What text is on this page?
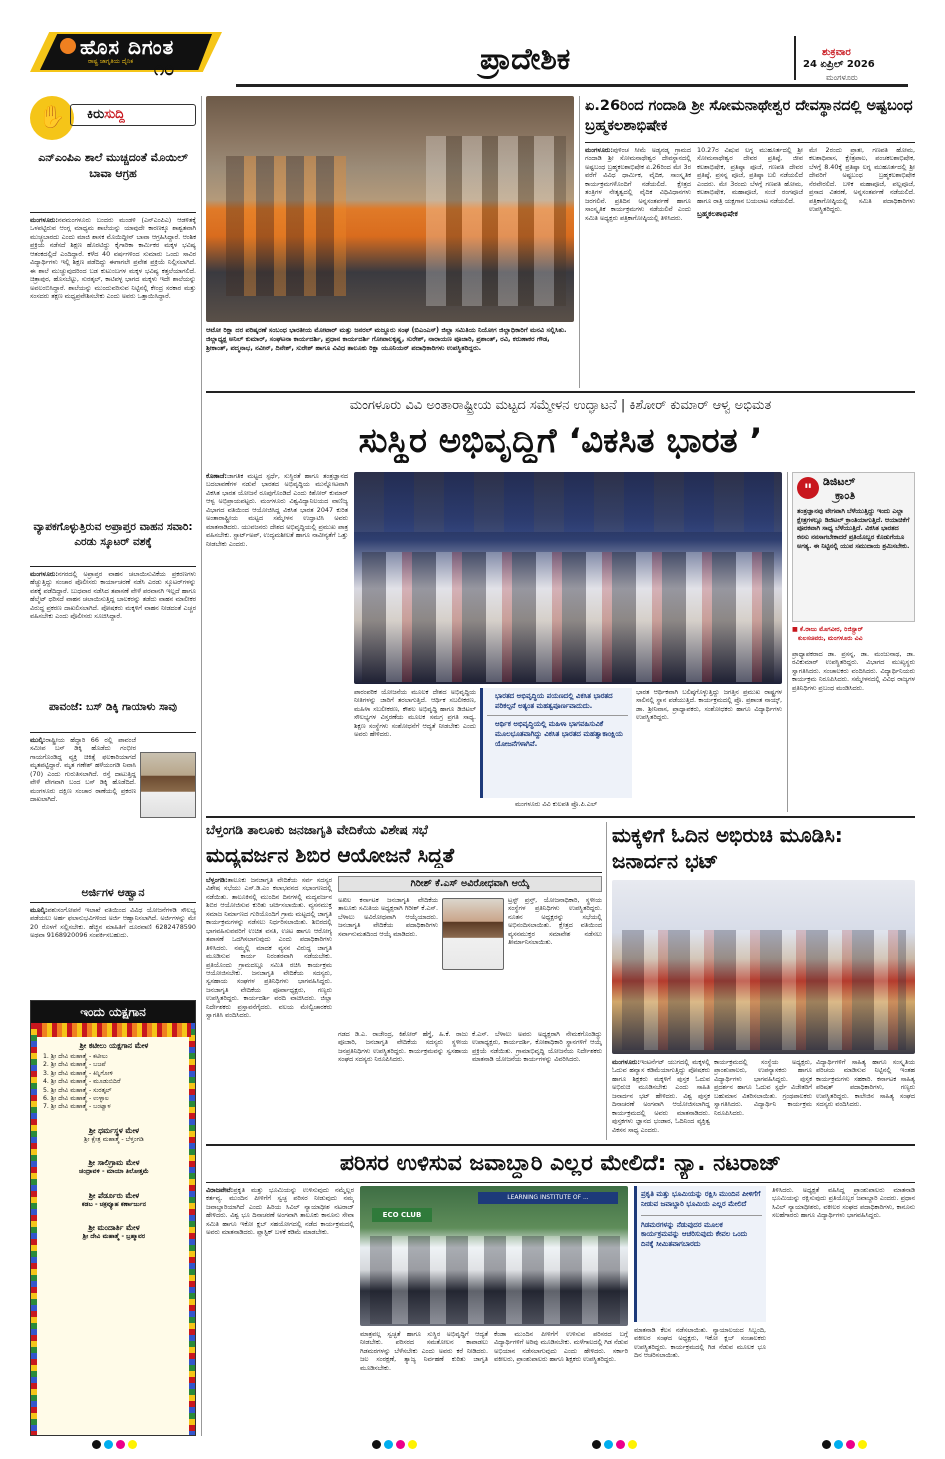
ಹೊಸ ದಿಗಂತ
ರಾಷ್ಟ್ರ ಜಾಗೃತಿಯ ದೈನಿಕ ೧೦	ಪ್ರಾದೇಶಿಕ	ಶುಕ್ರವಾರ
24 ಏಪ್ರಿಲ್ 2026
ಮಂಗಳೂರು
✋	ಕಿರುಸುದ್ದಿ
ಎನ್‌ಎಂಪಿಎ ಶಾಲೆ ಮುಚ್ಚದಂತೆ ಮೊಯಿಲ್ ಬಾವಾ ಆಗ್ರಹ
ಮಂಗಳೂರು:ನವಮಂಗಳೂರು ಬಂದರು ಮಂಡಳಿ (ಎನ್‌ಎಂಪಿಎ) ಆಡಳಿತಕ್ಕೆ ಒಳಪಟ್ಟಿರುವ ಆಂಗ್ಲ ಮಾಧ್ಯಮ ಶಾಲೆಯನ್ನು ಯಾವುದೇ ಕಾರಣಕ್ಕೂ ಶಾಶ್ವತವಾಗಿ ಮುಚ್ಚಬಾರದು ಎಂದು ಮಾಜಿ ಶಾಸಕ ಮೊಯಿದ್ದೀನ್ ಬಾವಾ ಆಗ್ರಹಿಸಿದ್ದಾರೆ. ಆಂಶಿಕ ಪ್ರಕ್ರಿಯೆ ನಡೆಸದೆ ಶಿಕ್ಷಣ ಹೊರಟಿದ್ದು ಕೈಗಾರಿಕಾ ಕಾರ್ಮಿಕರ ಮಕ್ಕಳ ಭವಿಷ್ಯ ಆತಂಕದಲ್ಲಿದೆ ಎಂದಿದ್ದಾರೆ. ಕಳೆದ 40 ವರ್ಷಗಳಿಂದ ಸುಮಾರು ಒಂದು ಸಾವಿರ ವಿದ್ಯಾರ್ಥಿಗಳು ಇಲ್ಲಿ ಶಿಕ್ಷಣ ಪಡೆದಿದ್ದು ಈಗಾಗಲೇ ಪ್ರವೇಶ ಪ್ರಕ್ರಿಯೆ ನಿಲ್ಲಿಸಲಾಗಿದೆ. ಈ ಶಾಲೆ ಮುಚ್ಚುವುದರಿಂದ ಬಡ ಕುಟುಂಬಗಳ ಮಕ್ಕಳ ಭವಿಷ್ಯ ಕತ್ತಲೆಯಾಗಲಿದೆ. ಚಿತ್ರಾಪುರ, ಹೊಸಬೆಟ್ಟು, ಸುರತ್ಕಲ್, ಕಾಟಿಪಳ್ಳ ಭಾಗದ ಮಕ್ಕಳು ಇದೇ ಶಾಲೆಯನ್ನು ಅವಲಂಬಿಸಿದ್ದಾರೆ. ಶಾಲೆಯನ್ನು ಮುಂದುವರಿಸುವ ನಿಟ್ಟಿನಲ್ಲಿ ಕೇಂದ್ರ ಸರಕಾರ ಮತ್ತು ಸಂಸದರು ತಕ್ಷಣ ಮಧ್ಯಪ್ರವೇಶಿಸಬೇಕು ಎಂದು ಅವರು ಒತ್ತಾಯಿಸಿದ್ದಾರೆ.
ವ್ಯಾಪಕಗೊಳ್ಳುತ್ತಿರುವ ಅಪ್ರಾಪ್ತರ ವಾಹನ ಸವಾರಿ: ಎರಡು ಸ್ಕೂಟರ್ ವಶಕ್ಕೆ
ಮಂಗಳೂರು:ನಗರದಲ್ಲಿ ಅಪ್ರಾಪ್ತರ ವಾಹನ ಚಲಾಯಿಸುವಿಕೆಯ ಪ್ರಕರಣಗಳು ಹೆಚ್ಚುತ್ತಿದ್ದು ಸಂಚಾರ ಪೊಲೀಸರು ಕಾರ್ಯಾಚರಣೆ ನಡೆಸಿ ಎರಡು ಸ್ಕೂಟರ್‌ಗಳನ್ನು ವಶಕ್ಕೆ ಪಡೆದಿದ್ದಾರೆ. ಬುಧವಾರ ನಡೆಸಿದ ತಪಾಸಣೆ ವೇಳೆ ಪರವಾನಗಿ ಇಲ್ಲದೆ ಹಾಗೂ ಹೆಲ್ಮೆಟ್ ಧರಿಸದೆ ವಾಹನ ಚಲಾಯಿಸುತ್ತಿದ್ದ ಬಾಲಕರನ್ನು ತಡೆದು ವಾಹನ ಮಾಲೀಕರ ವಿರುದ್ಧ ಪ್ರಕರಣ ದಾಖಲಿಸಲಾಗಿದೆ. ಪೋಷಕರು ಮಕ್ಕಳಿಗೆ ವಾಹನ ನೀಡದಂತೆ ಎಚ್ಚರ ವಹಿಸಬೇಕು ಎಂದು ಪೊಲೀಸರು ಸೂಚಿಸಿದ್ದಾರೆ.
ಪಾವಂಜೆ: ಬಸ್ ಡಿಕ್ಕಿ ಗಾಯಾಳು ಸಾವು
ಮುಲ್ಕಿ:ರಾಷ್ಟ್ರೀಯ ಹೆದ್ದಾರಿ 66 ರಲ್ಲಿ ಪಾವಂಜೆ ಸಮೀಪ ಬಸ್ ಡಿಕ್ಕಿ ಹೊಡೆದು ಗಂಭೀರ ಗಾಯಗೊಂಡಿದ್ದ ವ್ಯಕ್ತಿ ಚಿಕಿತ್ಸೆ ಫಲಕಾರಿಯಾಗದೆ ಮೃತಪಟ್ಟಿದ್ದಾರೆ. ಮೃತ ಗಣೇಶ್ ಹಳೆಯಂಗಡಿ ನಿವಾಸಿ (70) ಎಂದು ಗುರುತಿಸಲಾಗಿದೆ. ರಸ್ತೆ ದಾಟುತ್ತಿದ್ದ ವೇಳೆ ವೇಗವಾಗಿ ಬಂದ ಬಸ್ ಡಿಕ್ಕಿ ಹೊಡೆದಿದೆ. ಮಂಗಳೂರು ದಕ್ಷಿಣ ಸಂಚಾರ ಠಾಣೆಯಲ್ಲಿ ಪ್ರಕರಣ ದಾಖಲಾಗಿದೆ.
ಅರ್ಜಿಗಳ ಆಹ್ವಾನ
ಮೂಲ್ಕಿ:ಪಶುಸಂಗೋಪನೆ ಇಲಾಖೆ ವತಿಯಿಂದ ವಿವಿಧ ಯೋಜನೆಗಳಡಿ ಸೌಲಭ್ಯ ಪಡೆಯಲು ಅರ್ಹ ಫಲಾನುಭವಿಗಳಿಂದ ಅರ್ಜಿ ಆಹ್ವಾನಿಸಲಾಗಿದೆ. ಅರ್ಜಿಗಳನ್ನು ಮೇ 20 ರೊಳಗೆ ಸಲ್ಲಿಸಬೇಕು. ಹೆಚ್ಚಿನ ಮಾಹಿತಿಗೆ ದೂರವಾಣಿ 6282478590 ಅಥವಾ 9168920096 ಸಂಪರ್ಕಿಸಬಹುದು.
ಇಂದು ಯಕ್ಷಗಾನ
ಶ್ರೀ ಕಟೀಲು ಯಕ್ಷಗಾನ ಮೇಳ
1. ಶ್ರೀ ದೇವಿ ಮಹಾತ್ಮೆ - ಕಟೀಲು
2. ಶ್ರೀ ದೇವಿ ಮಹಾತ್ಮೆ - ಬಜಪೆ
3. ಶ್ರೀ ದೇವಿ ಮಹಾತ್ಮೆ - ಕಿನ್ನಿಗೋಳಿ
4. ಶ್ರೀ ದೇವಿ ಮಹಾತ್ಮೆ - ಮೂಡುಬಿದಿರೆ
5. ಶ್ರೀ ದೇವಿ ಮಹಾತ್ಮೆ - ಸುರತ್ಕಲ್
6. ಶ್ರೀ ದೇವಿ ಮಹಾತ್ಮೆ - ಉಳ್ಳಾಲ
7. ಶ್ರೀ ದೇವಿ ಮಹಾತ್ಮೆ - ಬಂಟ್ವಾಳ
ಶ್ರೀ ಧರ್ಮಸ್ಥಳ ಮೇಳ
ಶ್ರೀ ಕ್ಷೇತ್ರ ಮಹಾತ್ಮೆ - ಬೆಳ್ತಂಗಡಿ
ಶ್ರೀ ಸಾಲಿಗ್ರಾಮ ಮೇಳ
ಚಂದ್ರಾವಳಿ - ಮಾಯಾ ತಿಲೋತ್ತಮೆ
ಶ್ರೀ ಪೆರ್ಡೂರು ಮೇಳ
ಕಡಬ - ಚಕ್ರವ್ಯೂಹ ಕರ್ಣಾರ್ಜುನ
ಶ್ರೀ ಮಂದಾರ್ತಿ ಮೇಳ
ಶ್ರೀ ದೇವಿ ಮಹಾತ್ಮೆ - ಬ್ರಹ್ಮಾವರ
ಆಟೋ ರಿಕ್ಷಾ ದರ ಪರಿಷ್ಕರಣೆ ಸಂಬಂಧ ಭಾರತೀಯ ಮೋಟಾರ್ ಮತ್ತು ಜನರಲ್ ಮಜ್ದೂರು ಸಂಘ (ಬಿಎಂಎಸ್) ಜಿಲ್ಲಾ ಸಮಿತಿಯ ನಿಯೋಗ ಜಿಲ್ಲಾಧಿಕಾರಿಗೆ ಮನವಿ ಸಲ್ಲಿಸಿತು. ಜಿಲ್ಲಾಧ್ಯಕ್ಷ ಅನಿಲ್ ಕುಮಾರ್, ಸಂಘಟನಾ ಕಾರ್ಯದರ್ಶಿ, ಪ್ರಧಾನ ಕಾರ್ಯದರ್ಶಿ ಗೋಪಾಲಕೃಷ್ಣ, ಸುರೇಶ್, ನಾರಾಯಣ ಪೂಜಾರಿ, ಪ್ರಶಾಂತ್, ರವಿ, ಕರುಣಾಕರ ಗೌಡ, ಶ್ರೀಕಾಂತ್, ಪದ್ಮನಾಭ, ನವೀನ್, ದಿನೇಶ್, ಸುರೇಶ್ ಹಾಗೂ ವಿವಿಧ ತಾಲೂಕು ರಿಕ್ಷಾ ಯೂನಿಯನ್ ಪದಾಧಿಕಾರಿಗಳು ಉಪಸ್ಥಿತರಿದ್ದರು.
ಏ.26ರಿಂದ ಗಂದಾಡಿ ಶ್ರೀ ಸೋಮನಾಥೇಶ್ವರ ದೇವಸ್ಥಾನದಲ್ಲಿ ಅಷ್ಟಬಂಧ ಬ್ರಹ್ಮಕಲಶಾಭಿಷೇಕ
ಮಂಗಳೂರು:ಪುಳಿಂಚ ಸೀಮೆ ಅಡ್ಯನಡ್ಕ ಗ್ರಾಮದ ಗಂದಾಡಿ ಶ್ರೀ ಸೋಮನಾಥೇಶ್ವರ ದೇವಸ್ಥಾನದಲ್ಲಿ ಅಷ್ಟಬಂಧ ಬ್ರಹ್ಮಕಲಶಾಭಿಷೇಕ ಏ.26ರಿಂದ ಮೇ 3ರ ವರೆಗೆ ವಿವಿಧ ಧಾರ್ಮಿಕ, ವೈದಿಕ, ಸಾಂಸ್ಕೃತಿಕ ಕಾರ್ಯಕ್ರಮಗಳೊಂದಿಗೆ ನಡೆಯಲಿದೆ. ಕ್ಷೇತ್ರದ ತಂತ್ರಿಗಳ ನೇತೃತ್ವದಲ್ಲಿ ವೈದಿಕ ವಿಧಿವಿಧಾನಗಳು ಜರಗಲಿವೆ. ಪ್ರತಿದಿನ ಅನ್ನಸಂತರ್ಪಣೆ ಹಾಗೂ ಸಾಂಸ್ಕೃತಿಕ ಕಾರ್ಯಕ್ರಮಗಳು ನಡೆಯಲಿವೆ ಎಂದು ಸಮಿತಿ ಅಧ್ಯಕ್ಷರು ಪತ್ರಿಕಾಗೋಷ್ಠಿಯಲ್ಲಿ ತಿಳಿಸಿದರು.
10.27ರ ವಿಷುವ ಲಗ್ನ ಮುಹೂರ್ತದಲ್ಲಿ ಶ್ರೀ ಸೋಮನಾಥೇಶ್ವರ ದೇವರ ಪ್ರತಿಷ್ಠೆ, ಜೀವ ಕಲಶಾಭಿಷೇಕ, ಪ್ರತಿಷ್ಠಾ ಪೂಜೆ, ಗಣಪತಿ ದೇವರ ಪ್ರತಿಷ್ಠೆ, ಪ್ರಸನ್ನ ಪೂಜೆ, ಪ್ರತಿಷ್ಠಾ ಬಲಿ ನಡೆಯಲಿದೆ ಎಂದರು. ಮೇ 3ರಂದು ಬೆಳಗ್ಗೆ ಗಣಪತಿ ಹೋಮ, ಕಲಶಾಭಿಷೇಕ, ಮಹಾಪೂಜೆ, ಸಂಜೆ ರಂಗಪೂಜೆ ಹಾಗೂ ರಾತ್ರಿ ಯಕ್ಷಗಾನ ಬಯಲಾಟ ನಡೆಯಲಿದೆ.
ಬ್ರಹ್ಮಕಲಶಾಭಿಷೇಕ
ಮೇ 2ರಂದು ಪ್ರಾತಃ, ಗಣಪತಿ ಹೋಮ, ಕಲಶಾಧಿವಾಸ, ಕ್ಷೇತ್ರಪಾಲ, ಪಂಚಕಲಶಾಭಿಷೇಕ, ಬೆಳಗ್ಗೆ 8.40ಕ್ಕೆ ಪ್ರತಿಷ್ಠಾ ಲಗ್ನ ಮುಹೂರ್ತದಲ್ಲಿ ಶ್ರೀ ದೇವರಿಗೆ ಅಷ್ಟಬಂಧ ಬ್ರಹ್ಮಕಲಶಾಭಿಷೇಕ ನೆರವೇರಲಿದೆ. ಬಳಿಕ ಮಹಾಪೂಜೆ, ಪಲ್ಲಪೂಜೆ, ಪ್ರಸಾದ ವಿತರಣೆ, ಅನ್ನಸಂತರ್ಪಣೆ ನಡೆಯಲಿದೆ. ಪತ್ರಿಕಾಗೋಷ್ಠಿಯಲ್ಲಿ ಸಮಿತಿ ಪದಾಧಿಕಾರಿಗಳು ಉಪಸ್ಥಿತರಿದ್ದರು.
ಮಂಗಳೂರು ವಿವಿ ಅಂತಾರಾಷ್ಟ್ರೀಯ ಮಟ್ಟದ ಸಮ್ಮೇಳನ ಉದ್ಘಾಟನೆ | ಕಿಶೋರ್ ಕುಮಾರ್ ಆಳ್ವ ಅಭಿಮತ
ಸುಸ್ಥಿರ ಅಭಿವೃದ್ಧಿಗೆ ‘ವಿಕಸಿತ ಭಾರತ ’
ಕೊಣಾಜೆ:ಜಾಗತಿಕ ಮಟ್ಟದ ಸ್ಪರ್ಧೆ, ಸುಸ್ಥಿರತೆ ಹಾಗೂ ತಂತ್ರಜ್ಞಾನದ ಬದಲಾವಣೆಗಳ ನಡುವೆ ಭಾರತದ ಅಭಿವೃದ್ಧಿಯ ಮುನ್ನೋಟವಾಗಿ ವಿಕಸಿತ ಭಾರತ ಯೋಜನೆ ರೂಪುಗೊಂಡಿದೆ ಎಂದು ಕಿಶೋರ್ ಕುಮಾರ್ ಆಳ್ವ ಅಭಿಪ್ರಾಯಪಟ್ಟರು. ಮಂಗಳೂರು ವಿಶ್ವವಿದ್ಯಾನಿಲಯದ ವಾಣಿಜ್ಯ ವಿಭಾಗದ ವತಿಯಿಂದ ಆಯೋಜಿಸಿದ್ದ ವಿಕಸಿತ ಭಾರತ 2047 ಕುರಿತ ಅಂತಾರಾಷ್ಟ್ರೀಯ ಮಟ್ಟದ ಸಮ್ಮೇಳನ ಉದ್ಘಾಟಿಸಿ ಅವರು ಮಾತನಾಡಿದರು. ಯುವಜನರು ದೇಶದ ಅಭಿವೃದ್ಧಿಯಲ್ಲಿ ಪ್ರಮುಖ ಪಾತ್ರ ವಹಿಸಬೇಕು. ಸ್ಟಾರ್ಟ್‌ಅಪ್, ಉದ್ಯಮಶೀಲತೆ ಹಾಗೂ ನಾವೀನ್ಯತೆಗೆ ಒತ್ತು ನೀಡಬೇಕು ಎಂದರು.
" ಡಿಜಿಟಲ್
ಕ್ರಾಂತಿ
ತಂತ್ರಜ್ಞಾನವು ವೇಗವಾಗಿ ಬೆಳೆಯುತ್ತಿದ್ದು ಇಂದು ಎಲ್ಲಾ ಕ್ಷೇತ್ರಗಳಲ್ಲೂ ಡಿಜಿಟಲ್ ಕ್ರಾಂತಿಯಾಗುತ್ತಿದೆ. ಆಯಾಚಿಕೆಗೆ ಪೂರಕವಾಗಿ ಸಾಧ್ಯ ಬೆಳೆಯುತ್ತಿದೆ. ವಿಕಸಿತ ಭಾರತದ ಕನಸು ನನಸಾಗಬೇಕಾದರೆ ಪ್ರತಿಯೊಬ್ಬರ ಕೊಡುಗೆಯೂ ಅಗತ್ಯ. ಈ ನಿಟ್ಟಿನಲ್ಲಿ ಯುವ ಸಮುದಾಯ ಶ್ರಮಿಸಬೇಕು.
■ ಕೆ.ರಾಜು ಮೊಗವೀರ, ರಿಜಿಸ್ಟ್ರಾರ್
ಕುಲಸಚಿವರು, ಮಂಗಳೂರು ವಿವಿ
ಪ್ರಾಧ್ಯಾಪಕರಾದ ಡಾ. ಪ್ರಸನ್ನ, ಡಾ. ಮಂಜುನಾಥ, ಡಾ. ರವಿಕುಮಾರ್ ಉಪಸ್ಥಿತರಿದ್ದರು. ವಿಭಾಗದ ಮುಖ್ಯಸ್ಥರು ಸ್ವಾಗತಿಸಿದರು. ಸಂಚಾಲಕರು ವಂದಿಸಿದರು. ವಿದ್ಯಾರ್ಥಿನಿಯರು ಕಾರ್ಯಕ್ರಮ ನಿರೂಪಿಸಿದರು. ಸಮ್ಮೇಳನದಲ್ಲಿ ವಿವಿಧ ರಾಜ್ಯಗಳ ಪ್ರತಿನಿಧಿಗಳು ಪ್ರಬಂಧ ಮಂಡಿಸಿದರು.
ಪಾರಂಪರಿಕ ಯೋಜನೆಯ ಮೂಲಕ ದೇಶದ ಅಭಿವೃದ್ಧಿಯ ನೀತಿಗಳನ್ನು ಜಾರಿಗೆ ತರಲಾಗುತ್ತಿದೆ. ಆರ್ಥಿಕ ಸಬಲೀಕರಣ, ಮಹಿಳಾ ಸಬಲೀಕರಣ, ಕೌಶಲ ಅಭಿವೃದ್ಧಿ ಹಾಗೂ ಡಿಜಿಟಲ್ ಸೌಲಭ್ಯಗಳ ವಿಸ್ತರಣೆಯ ಮೂಲಕ ಸಮಗ್ರ ಪ್ರಗತಿ ಸಾಧ್ಯ. ಶಿಕ್ಷಣ ಸಂಸ್ಥೆಗಳು ಸಂಶೋಧನೆಗೆ ಆದ್ಯತೆ ನೀಡಬೇಕು ಎಂದು ಅವರು ಹೇಳಿದರು.
ಭಾರತದ ಅಭಿವೃದ್ಧಿಯ ಪಯಣದಲ್ಲಿ ವಿಕಸಿತ ಭಾರತದ ಪರಿಕಲ್ಪನೆ ಅತ್ಯಂತ ಮಹತ್ವಪೂರ್ಣವಾದುದು.
ಆರ್ಥಿಕ ಅಭಿವೃದ್ಧಿಯಲ್ಲಿ ಮಹಿಳಾ ಭಾಗವಹಿಸುವಿಕೆ ಮೂಲಭೂತವಾಗಿದ್ದು ವಿಕಸಿತ ಭಾರತದ ಮಹತ್ವಾಕಾಂಕ್ಷಿಯ ಯೋಜನೆಗಳಾಗಿವೆ.
ಭಾರತ ಆರ್ಥಿಕವಾಗಿ ಬಲಿಷ್ಠಗೊಳ್ಳುತ್ತಿದ್ದು ಜಗತ್ತಿನ ಪ್ರಮುಖ ರಾಷ್ಟ್ರಗಳ ಸಾಲಿನಲ್ಲಿ ಸ್ಥಾನ ಪಡೆಯುತ್ತಿದೆ. ಕಾರ್ಯಕ್ರಮದಲ್ಲಿ ಪ್ರೊ. ಪ್ರಶಾಂತ ನಾಯ್ಕ್, ಡಾ. ಶ್ರೀನಿವಾಸ, ಪ್ರಾಧ್ಯಾಪಕರು, ಸಂಶೋಧಕರು ಹಾಗೂ ವಿದ್ಯಾರ್ಥಿಗಳು ಉಪಸ್ಥಿತರಿದ್ದರು.
ಮಂಗಳೂರು ವಿವಿ ಕುಲಪತಿ ಪ್ರೊ.ಪಿ.ಎಲ್
ಬೆಳ್ತಂಗಡಿ ತಾಲೂಕು ಜನಜಾಗೃತಿ ವೇದಿಕೆಯ ವಿಶೇಷ ಸಭೆ
ಮದ್ಯವರ್ಜನ ಶಿಬಿರ ಆಯೋಜನೆ ಸಿದ್ಧತೆ
ಬೆಳ್ತಂಗಡಿ:ತಾಲೂಕು ಜನಜಾಗೃತಿ ವೇದಿಕೆಯ ಸರ್ವ ಸದಸ್ಯರ ವಿಶೇಷ ಸಭೆಯು ಎಸ್.ಡಿ.ಎಂ ಕಲಾಭವನದ ಸಭಾಂಗಣದಲ್ಲಿ ನಡೆಯಿತು. ತಾಲೂಕಿನಲ್ಲಿ ಮುಂದಿನ ದಿನಗಳಲ್ಲಿ ಮದ್ಯವರ್ಜನ ಶಿಬಿರ ಆಯೋಜಿಸುವ ಕುರಿತು ಚರ್ಚಿಸಲಾಯಿತು. ವ್ಯಸನಮುಕ್ತ ಸಮಾಜ ನಿರ್ಮಾಣದ ಗುರಿಯೊಂದಿಗೆ ಗ್ರಾಮ ಮಟ್ಟದಲ್ಲಿ ಜಾಗೃತಿ ಕಾರ್ಯಕ್ರಮಗಳನ್ನು ನಡೆಸಲು ನಿರ್ಧರಿಸಲಾಯಿತು. ಶಿಬಿರದಲ್ಲಿ ಭಾಗವಹಿಸುವವರಿಗೆ ಉಚಿತ ವಸತಿ, ಊಟ ಹಾಗೂ ಆರೋಗ್ಯ ತಪಾಸಣೆ ಒದಗಿಸಲಾಗುವುದು ಎಂದು ಪದಾಧಿಕಾರಿಗಳು ತಿಳಿಸಿದರು. ನಮ್ಮಲ್ಲಿ ಮಾದಕ ವ್ಯಸನ ವಿರುದ್ಧ ಜಾಗೃತಿ ಮೂಡಿಸುವ ಕಾರ್ಯ ನಿರಂತರವಾಗಿ ನಡೆಯಬೇಕು. ಪ್ರತಿಯೊಂದು ಗ್ರಾಮದಲ್ಲೂ ಸಮಿತಿ ರಚಿಸಿ ಕಾರ್ಯಕ್ರಮ ಆಯೋಜಿಸಬೇಕು. ಜನಜಾಗೃತಿ ವೇದಿಕೆಯ ಸದಸ್ಯರು, ಸ್ವಸಹಾಯ ಸಂಘಗಳ ಪ್ರತಿನಿಧಿಗಳು ಭಾಗವಹಿಸಿದ್ದರು. ಜನಜಾಗೃತಿ ವೇದಿಕೆಯ ಪೂರ್ವಾಧ್ಯಕ್ಷರು, ಗಣ್ಯರು ಉಪಸ್ಥಿತರಿದ್ದರು. ಕಾರ್ಯದರ್ಶಿ ವರದಿ ವಾಚಿಸಿದರು. ಜಿಲ್ಲಾ ನಿರ್ದೇಶಕರು ಪ್ರಸ್ತಾವನೆಗೈದರು. ವಲಯ ಮೇಲ್ವಿಚಾರಕರು ಸ್ವಾಗತಿಸಿ ವಂದಿಸಿದರು.
ಗಿರೀಶ್ ಕೆ.ಎಸ್ ಅವಿರೋಧವಾಗಿ ಆಯ್ಕೆ
ಅಖಿಲ ಕರ್ನಾಟಕ ಜನಜಾಗೃತಿ ವೇದಿಕೆಯ ತಾಲೂಕು ಸಮಿತಿಯ ಅಧ್ಯಕ್ಷರಾಗಿ ಗಿರೀಶ್ ಕೆ.ಎಸ್. ಬೆಳಾಲು ಅವಿರೋಧವಾಗಿ ಆಯ್ಕೆಯಾದರು. ಜನಜಾಗೃತಿ ವೇದಿಕೆಯ ಪದಾಧಿಕಾರಿಗಳು ಸರ್ವಾನುಮತದಿಂದ ಆಯ್ಕೆ ಮಾಡಿದರು.
ಟ್ರಸ್ಟ್ ಪ್ರಸ್ತ್, ಯೋಜನಾಧಿಕಾರಿ, ಸ್ಥಳೀಯ ಸಂಸ್ಥೆಗಳ ಪ್ರತಿನಿಧಿಗಳು ಉಪಸ್ಥಿತರಿದ್ದರು. ನೂತನ ಅಧ್ಯಕ್ಷರನ್ನು ಸಭೆಯಲ್ಲಿ ಅಭಿನಂದಿಸಲಾಯಿತು. ಕ್ಷೇತ್ರದ ವತಿಯಿಂದ ವ್ಯಸನಮುಕ್ತರ ಸಮಾವೇಶ ನಡೆಸಲು ತೀರ್ಮಾನಿಸಲಾಯಿತು.
ಗಡದ ಡಿ.ಎ. ರಾಜೇಂದ್ರ, ಕಿಶೋರ್ ಹೆಗ್ಡೆ, ಹಿ.ಕೆ. ರಾಜು ಪೂಜಾರಿ, ಜನಜಾಗೃತಿ ವೇದಿಕೆಯ ಸದಸ್ಯರು ಸ್ಥಳೀಯ ಜನಪ್ರತಿನಿಧಿಗಳು ಉಪಸ್ಥಿತರಿದ್ದರು. ಕಾರ್ಯಕ್ರಮವನ್ನು ಸ್ವಸಹಾಯ ಸಂಘದ ಸದಸ್ಯರು ನಿರೂಪಿಸಿದರು.
ಕೆ.ಎಸ್. ಬೆಳಾಲು ಅವರು ಅಧ್ಯಕ್ಷರಾಗಿ ನೇಮಕಗೊಂಡಿದ್ದು ಉಪಾಧ್ಯಕ್ಷರು, ಕಾರ್ಯದರ್ಶಿ, ಕೋಶಾಧಿಕಾರಿ ಸ್ಥಾನಗಳಿಗೆ ಆಯ್ಕೆ ಪ್ರಕ್ರಿಯೆ ನಡೆಯಿತು. ಗ್ರಾಮಾಭಿವೃದ್ಧಿ ಯೋಜನೆಯ ನಿರ್ದೇಶಕರು ಮಾತನಾಡಿ ಯೋಜನೆಯ ಕಾರ್ಯಗಳನ್ನು ವಿವರಿಸಿದರು.
ಮಕ್ಕಳಿಗೆ ಓದಿನ ಅಭಿರುಚಿ ಮೂಡಿಸಿ: ಜನಾರ್ದನ ಭಟ್
ಮಂಗಳೂರು:ಇಂಟರ್ನೆಟ್ ಯುಗದಲ್ಲಿ ಮಕ್ಕಳಲ್ಲಿ ಓದುವ ಹವ್ಯಾಸ ಕಡಿಮೆಯಾಗುತ್ತಿದ್ದು ಪೋಷಕರು ಹಾಗೂ ಶಿಕ್ಷಕರು ಮಕ್ಕಳಿಗೆ ಪುಸ್ತಕ ಓದುವ ಅಭಿರುಚಿ ಮೂಡಿಸಬೇಕು ಎಂದು ಸಾಹಿತಿ ಜನಾರ್ದನ ಭಟ್ ಹೇಳಿದರು. ವಿಶ್ವ ಪುಸ್ತಕ ದಿನಾಚರಣೆ ಅಂಗವಾಗಿ ಆಯೋಜಿಸಲಾಗಿದ್ದ ಕಾರ್ಯಕ್ರಮದಲ್ಲಿ ಅವರು ಮಾತನಾಡಿದರು. ಪುಸ್ತಕಗಳು ಜ್ಞಾನದ ಭಂಡಾರ, ಓದಿನಿಂದ ವ್ಯಕ್ತಿತ್ವ ವಿಕಸನ ಸಾಧ್ಯ ಎಂದರು.
ಕಾರ್ಯಕ್ರಮದಲ್ಲಿ ಸಂಸ್ಥೆಯ ಅಧ್ಯಕ್ಷರು, ಪ್ರಾಂಶುಪಾಲರು, ಉಪನ್ಯಾಸಕರು ಹಾಗೂ ವಿದ್ಯಾರ್ಥಿಗಳು ಭಾಗವಹಿಸಿದ್ದರು. ಪುಸ್ತಕ ಪ್ರದರ್ಶನ ಹಾಗೂ ಓದುವ ಸ್ಪರ್ಧೆ ವಿಜೇತರಿಗೆ ಬಹುಮಾನ ವಿತರಿಸಲಾಯಿತು. ಗ್ರಂಥಪಾಲಕರು ಸ್ವಾಗತಿಸಿದರು. ವಿದ್ಯಾರ್ಥಿನಿ ಕಾರ್ಯಕ್ರಮ ನಿರೂಪಿಸಿದರು.
ವಿದ್ಯಾರ್ಥಿಗಳಿಗೆ ಸಾಹಿತ್ಯ ಹಾಗೂ ಸಂಸ್ಕೃತಿಯ ಪರಿಚಯ ಮಾಡಿಸುವ ನಿಟ್ಟಿನಲ್ಲಿ ಇಂತಹ ಕಾರ್ಯಕ್ರಮಗಳು ಸಹಕಾರಿ. ಕರ್ನಾಟಕ ಸಾಹಿತ್ಯ ಪರಿಷತ್ ಪದಾಧಿಕಾರಿಗಳು, ಗಣ್ಯರು ಉಪಸ್ಥಿತರಿದ್ದರು. ಕಾಲೇಜಿನ ಸಾಹಿತ್ಯ ಸಂಘದ ಸದಸ್ಯರು ವಂದಿಸಿದರು.
ಪರಿಸರ ಉಳಿಸುವ ಜವಾಬ್ದಾರಿ ಎಲ್ಲರ ಮೇಲಿದೆ: ನ್ಯಾ. ನಟರಾಜ್
ವಿರಾಜಪೇಟೆ:ಪ್ರಕೃತಿ ಮತ್ತು ಭೂಮಿಯನ್ನು ಉಳಿಸುವುದು ನಮ್ಮೆಲ್ಲರ ಕರ್ತವ್ಯ. ಮುಂದಿನ ಪೀಳಿಗೆಗೆ ಸ್ವಚ್ಛ ಪರಿಸರ ನೀಡುವುದು ನಮ್ಮ ಜವಾಬ್ದಾರಿಯಾಗಿದೆ ಎಂದು ಹಿರಿಯ ಸಿವಿಲ್ ನ್ಯಾಯಾಧೀಶ ನಟರಾಜ್ ಹೇಳಿದರು. ವಿಶ್ವ ಭೂ ದಿನಾಚರಣೆ ಅಂಗವಾಗಿ ತಾಲೂಕು ಕಾನೂನು ಸೇವಾ ಸಮಿತಿ ಹಾಗೂ ಇಕೋ ಕ್ಲಬ್ ಸಹಯೋಗದಲ್ಲಿ ನಡೆದ ಕಾರ್ಯಕ್ರಮದಲ್ಲಿ ಅವರು ಮಾತನಾಡಿದರು. ಪ್ಲಾಸ್ಟಿಕ್ ಬಳಕೆ ಕಡಿಮೆ ಮಾಡಬೇಕು.
ECO CLUB
LEARNING INSTITUTE OF ...	ಪ್ರಕೃತಿ ಮತ್ತು ಭೂಮಿಯನ್ನು ರಕ್ಷಿಸಿ ಮುಂದಿನ ಪೀಳಿಗೆಗೆ ನೀಡುವ ಜವಾಬ್ದಾರಿ ಭೂಮಿಯ ಎಲ್ಲರ ಮೇಲಿದೆ
ಗಿಡಮರಗಳನ್ನು ನೆಡುವುದರ ಮೂಲಕ ಕಾರ್ಯಕ್ರಮವನ್ನು ಆಚರಿಸುವುದು ಕೇವಲ ಒಂದು ದಿನಕ್ಕೆ ಸೀಮಿತವಾಗಬಾರದು
ತಿಳಿಸಿದರು. ಅಧ್ಯಕ್ಷತೆ ವಹಿಸಿದ್ದ ಪ್ರಾಂಶುಪಾಲರು ಮಾತನಾಡಿ ಭೂಮಿಯನ್ನು ರಕ್ಷಿಸುವುದು ಪ್ರತಿಯೊಬ್ಬರ ಜವಾಬ್ದಾರಿ ಎಂದರು. ಪ್ರಧಾನ ಸಿವಿಲ್ ನ್ಯಾಯಾಧೀಶರು, ವಕೀಲರ ಸಂಘದ ಪದಾಧಿಕಾರಿಗಳು, ಕಾನೂನು ಸಲಹೆಗಾರರು ಹಾಗೂ ವಿದ್ಯಾರ್ಥಿಗಳು ಭಾಗವಹಿಸಿದ್ದರು.
ಮಾತ್ರವಲ್ಲ ಸ್ವಚ್ಛತೆ ಹಾಗೂ ಸುಸ್ಥಿರ ಅಭಿವೃದ್ಧಿಗೆ ಆದ್ಯತೆ ನೀಡಬೇಕು. ಪರಿಸರದ ಸಮತೋಲನ ಕಾಪಾಡಲು ಗಿಡಮರಗಳನ್ನು ಬೆಳೆಸಬೇಕು ಎಂದು ಅವರು ಕರೆ ನೀಡಿದರು. ಜಲ ಸಂರಕ್ಷಣೆ, ತ್ಯಾಜ್ಯ ನಿರ್ವಹಣೆ ಕುರಿತು ಜಾಗೃತಿ ಮೂಡಿಸಬೇಕು.
ಕೆಂಡಾ ಮುಂದಿನ ಪೀಳಿಗೆಗೆ ಉಳಿಸುವ ಪರಿಸರದ ಬಗ್ಗೆ ವಿದ್ಯಾರ್ಥಿಗಳಿಗೆ ಅರಿವು ಮೂಡಿಸಬೇಕು. ಮಳೆಗಾಲದಲ್ಲಿ ಗಿಡ ನೆಡುವ ಅಭಿಯಾನ ನಡೆಸಲಾಗುವುದು ಎಂದು ಹೇಳಿದರು. ಸರ್ಕಾರಿ ವಕೀಲರು, ಪ್ರಾಂಶುಪಾಲರು ಹಾಗೂ ಶಿಕ್ಷಕರು ಉಪಸ್ಥಿತರಿದ್ದರು.
ಮಾತನಾಡಿ ಕೆಲಸ ನಡೆಸಲಾಯಿತು. ನ್ಯಾಯಾಲಯದ ಸಿಬ್ಬಂದಿ, ವಕೀಲರ ಸಂಘದ ಅಧ್ಯಕ್ಷರು, ಇಕೋ ಕ್ಲಬ್ ಸಂಚಾಲಕರು ಉಪಸ್ಥಿತರಿದ್ದರು. ಕಾರ್ಯಕ್ರಮದಲ್ಲಿ ಗಿಡ ನೆಡುವ ಮೂಲಕ ಭೂ ದಿನ ಆಚರಿಸಲಾಯಿತು.
